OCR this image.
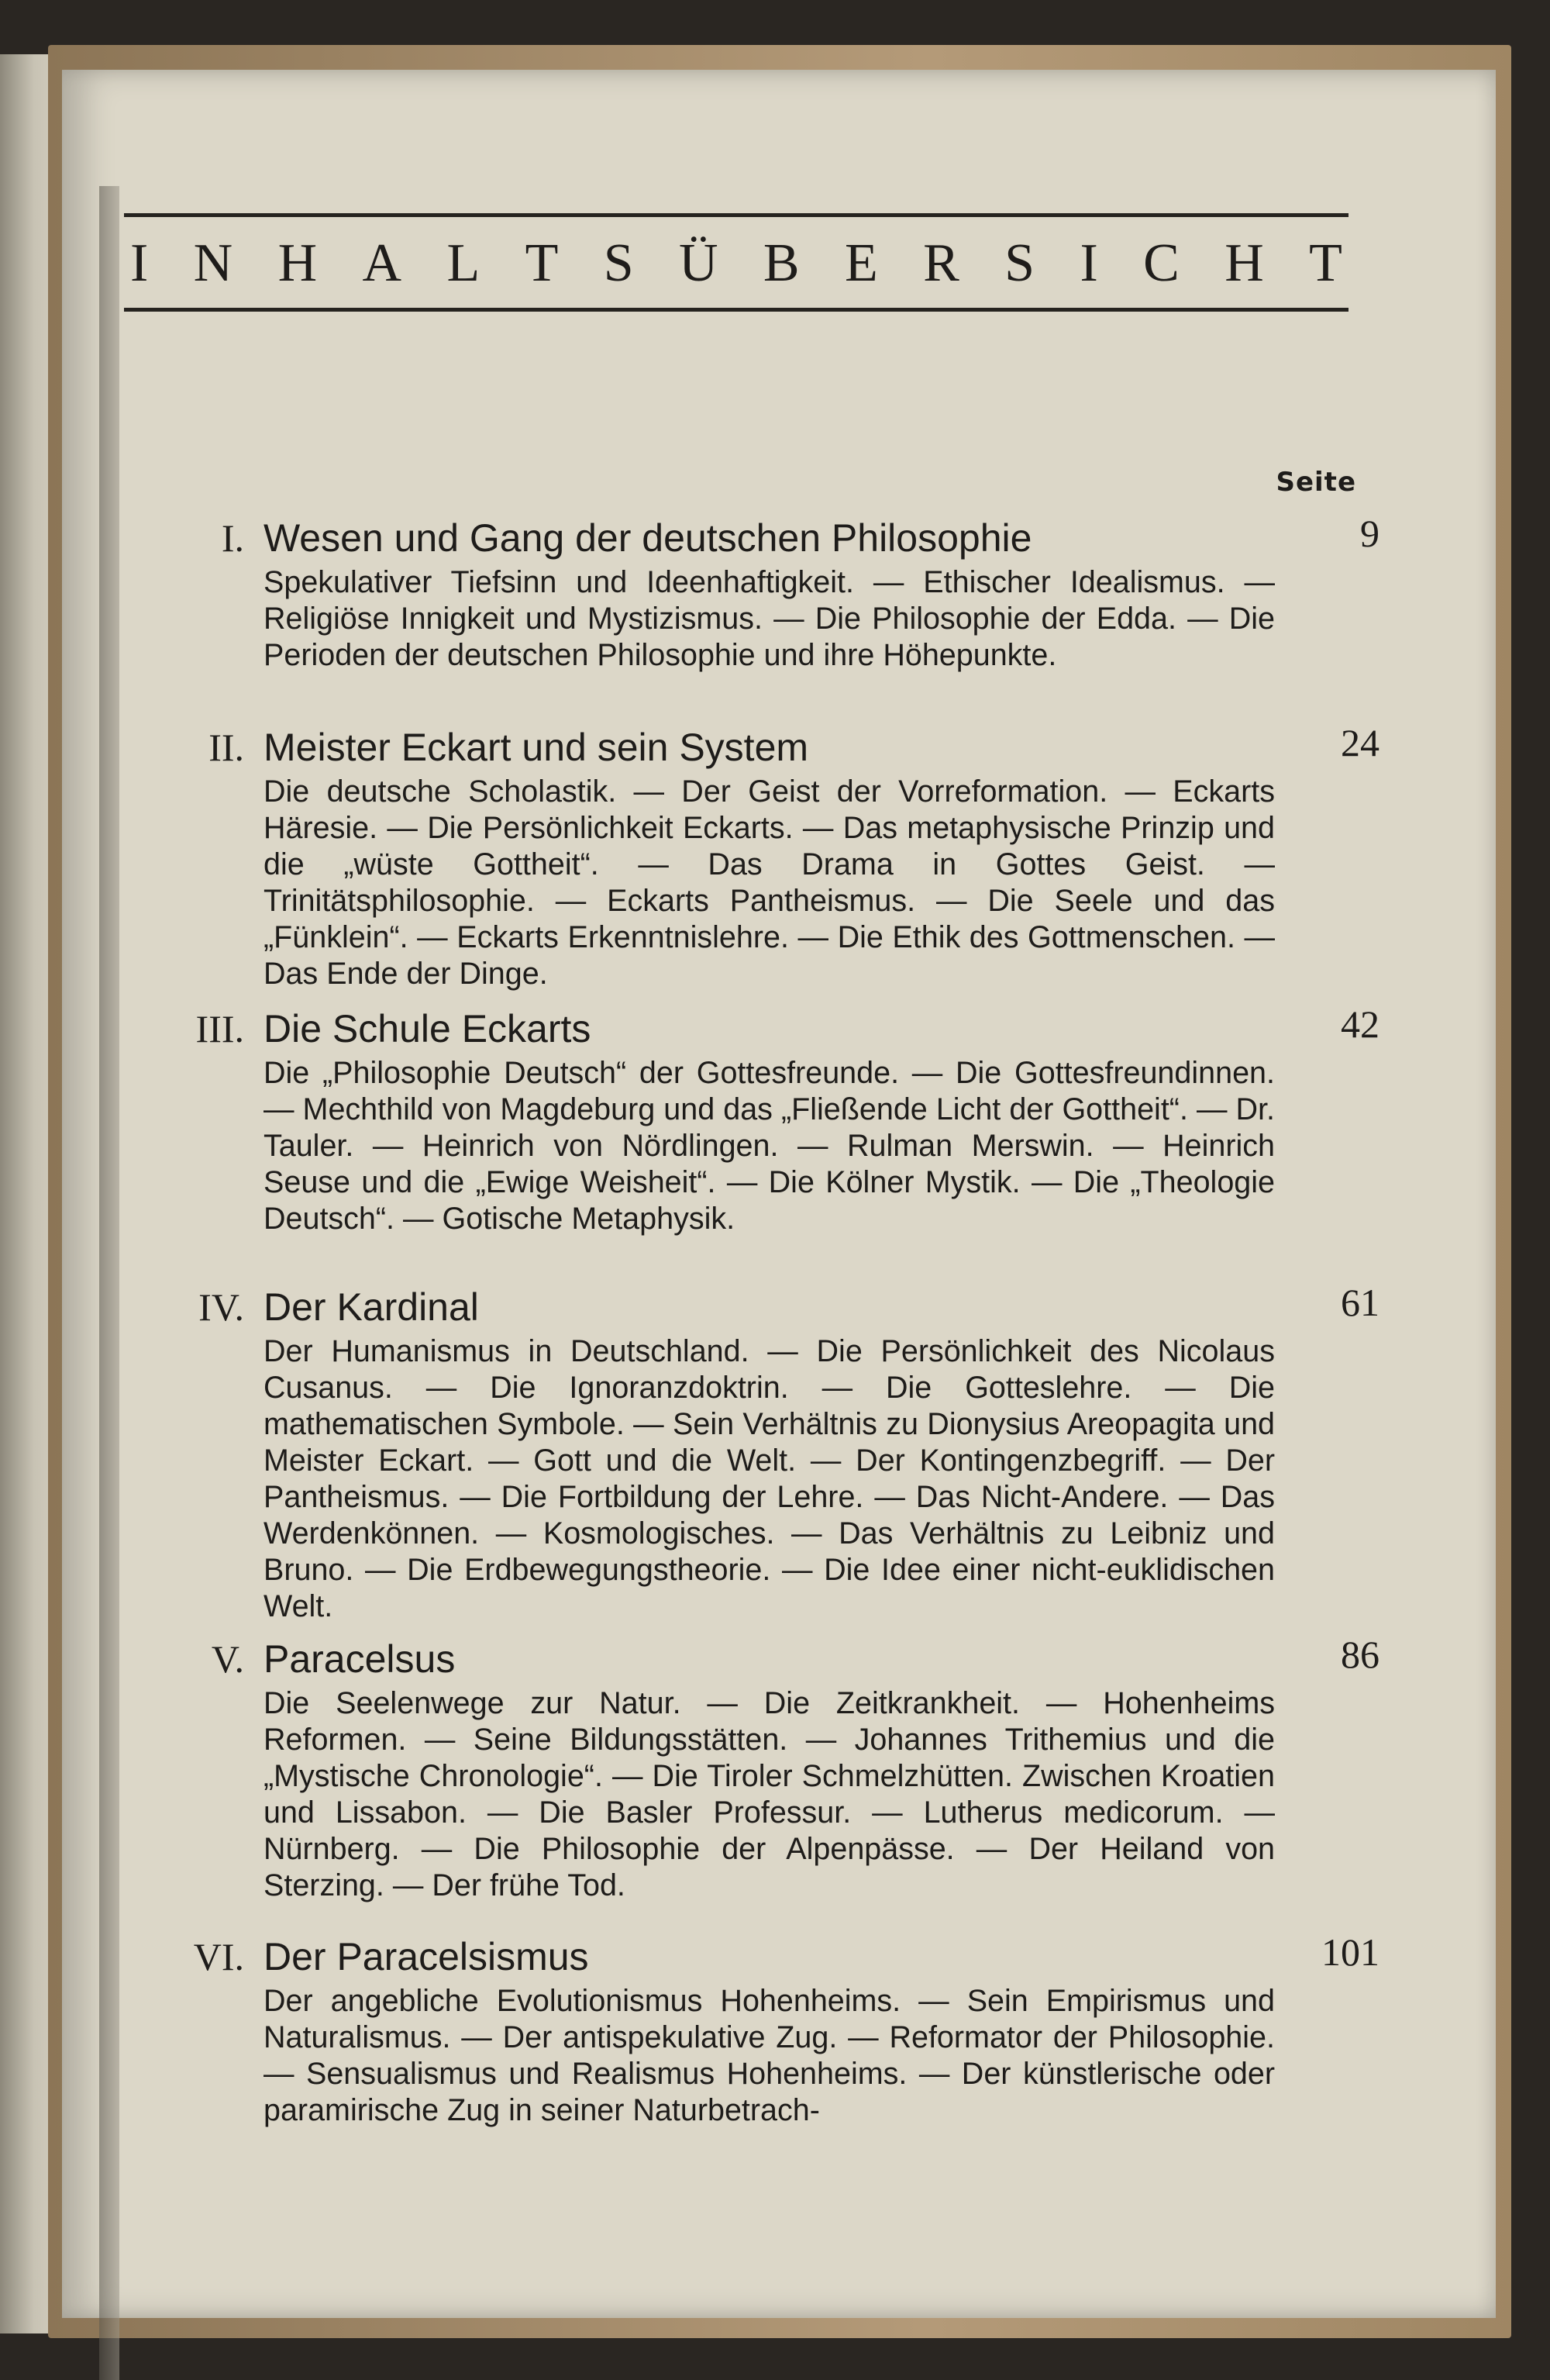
I N H A L T S Ü B E R S I C H T
Seite
I. Wesen und Gang der deutschen Philosophie	9
Spekulativer Tiefsinn und Ideenhaftigkeit. — Ethischer Idealismus. — Religiöse Innigkeit und Mystizismus. — Die Philosophie der Edda. — Die Perioden der deutschen Philosophie und ihre Höhepunkte.
II. Meister Eckart und sein System	24
Die deutsche Scholastik. — Der Geist der Vorreformation. — Eckarts Häresie. — Die Persönlichkeit Eckarts. — Das metaphysische Prinzip und die „wüste Gottheit“. — Das Drama in Gottes Geist. — Trinitätsphilosophie. — Eckarts Pantheismus. — Die Seele und das „Fünklein“. — Eckarts Erkenntnislehre. — Die Ethik des Gottmenschen. — Das Ende der Dinge.
III. Die Schule Eckarts	42
Die „Philosophie Deutsch“ der Gottesfreunde. — Die Gottesfreundinnen. — Mechthild von Magdeburg und das „Fließende Licht der Gottheit“. — Dr. Tauler. — Heinrich von Nördlingen. — Rulman Merswin. — Heinrich Seuse und die „Ewige Weisheit“. — Die Kölner Mystik. — Die „Theologie Deutsch“. — Gotische Metaphysik.
IV. Der Kardinal	61
Der Humanismus in Deutschland. — Die Persönlichkeit des Nicolaus Cusanus. — Die Ignoranzdoktrin. — Die Gotteslehre. — Die mathematischen Symbole. — Sein Verhältnis zu Dionysius Areopagita und Meister Eckart. — Gott und die Welt. — Der Kontingenzbegriff. — Der Pantheismus. — Die Fortbildung der Lehre. — Das Nicht-Andere. — Das Werdenkönnen. — Kosmologisches. — Das Verhältnis zu Leibniz und Bruno. — Die Erdbewegungstheorie. — Die Idee einer nicht-euklidischen Welt.
V. Paracelsus	86
Die Seelenwege zur Natur. — Die Zeitkrankheit. — Hohenheims Reformen. — Seine Bildungsstätten. — Johannes Trithemius und die „Mystische Chronologie“. — Die Tiroler Schmelzhütten. Zwischen Kroatien und Lissabon. — Die Basler Professur. — Lutherus medicorum. — Nürnberg. — Die Philosophie der Alpenpässe. — Der Heiland von Sterzing. — Der frühe Tod.
VI. Der Paracelsismus	101
Der angebliche Evolutionismus Hohenheims. — Sein Empirismus und Naturalismus. — Der antispekulative Zug. — Reformator der Philosophie. — Sensualismus und Realismus Hohenheims. — Der künstlerische oder paramirische Zug in seiner Naturbetrach-
